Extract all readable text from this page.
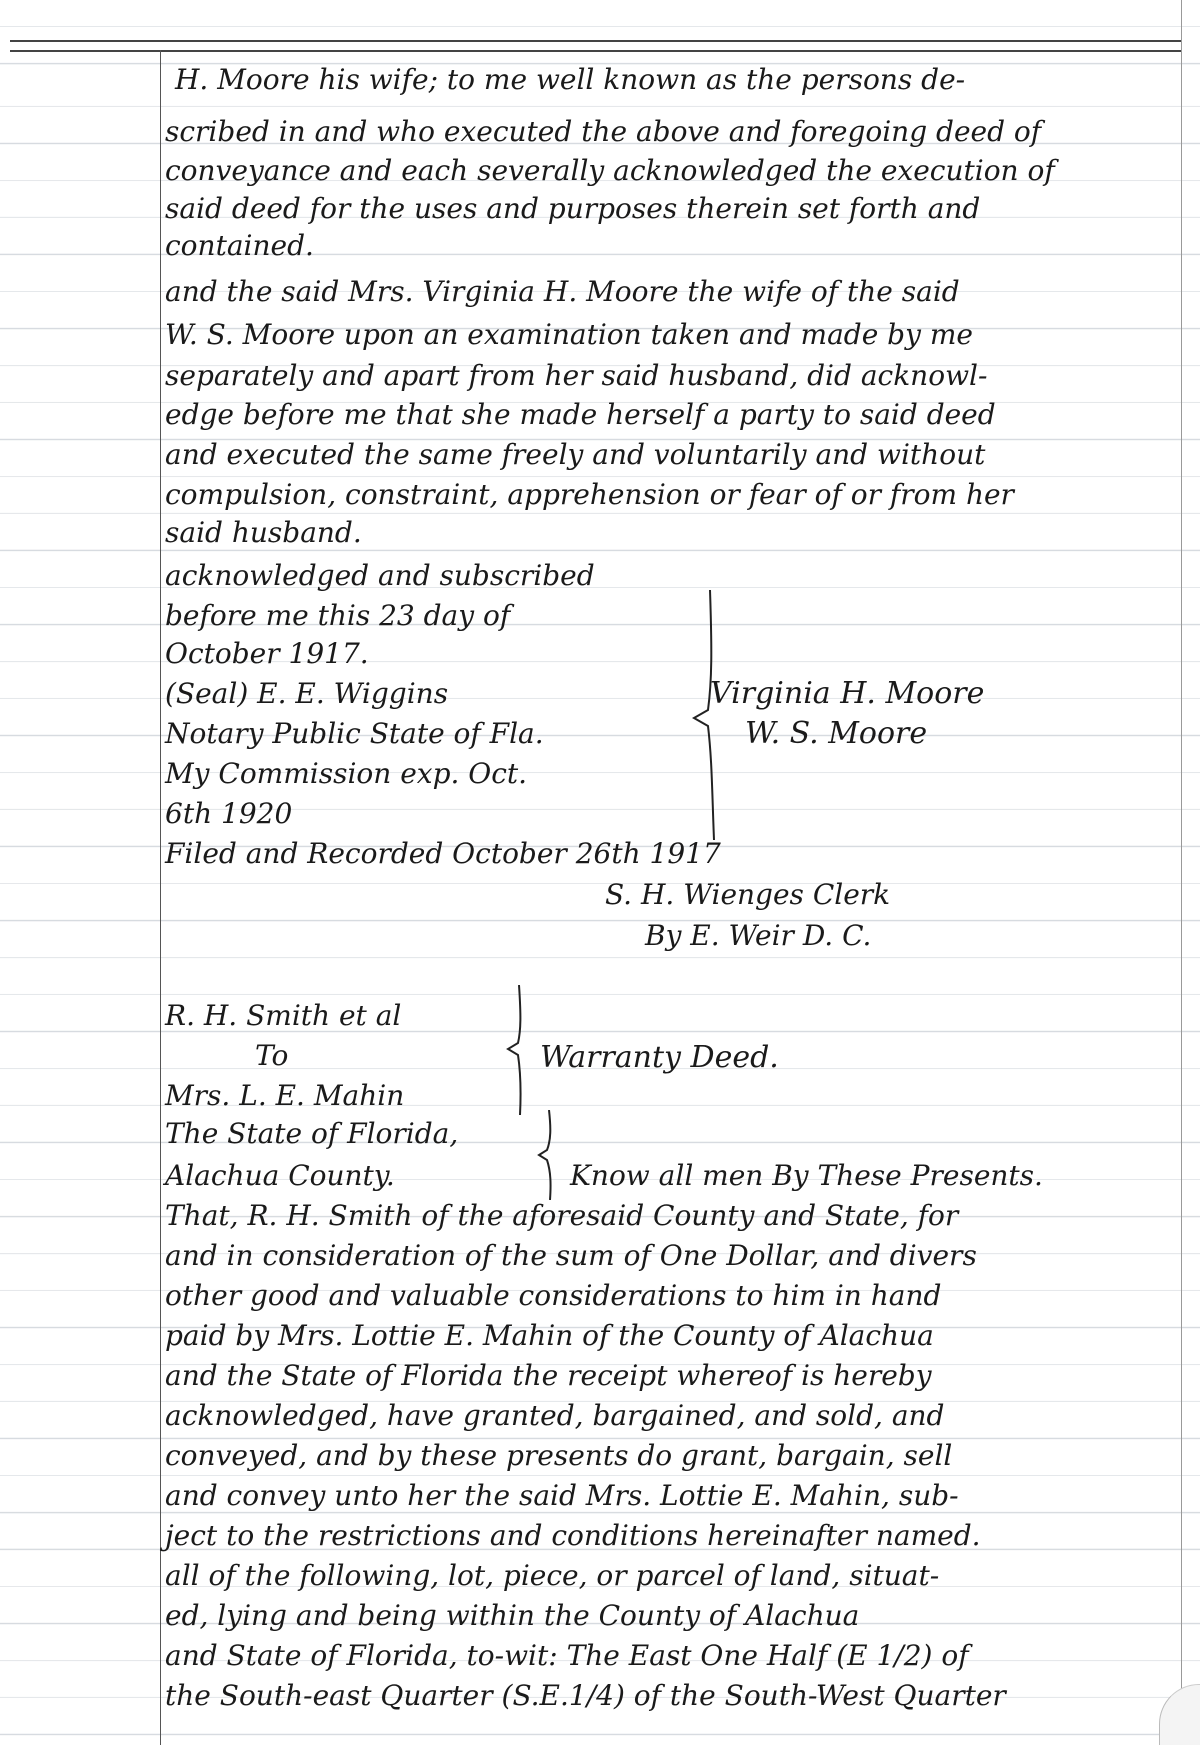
H. Moore his wife; to me well known as the persons de-
scribed in and who executed the above and foregoing deed of
conveyance and each severally acknowledged the execution of
said deed for the uses and purposes therein set forth and
contained.
and the said Mrs. Virginia H. Moore the wife of the said
W. S. Moore upon an examination taken and made by me
separately and apart from her said husband, did acknowl-
edge before me that she made herself a party to said deed
and executed the same freely and voluntarily and without
compulsion, constraint, apprehension or fear of or from her
said husband.
acknowledged and subscribed
before me this 23 day of
October 1917.
(Seal) E. E. Wiggins
Notary Public State of Fla.
My Commission exp. Oct.
6th 1920
Virginia H. Moore
W. S. Moore
Filed and Recorded October 26th 1917
S. H. Wienges Clerk
By E. Weir D. C.
R. H. Smith et al
To
Mrs. L. E. Mahin
Warranty Deed.
The State of Florida,
Alachua County.	Know all men By These Presents.
That, R. H. Smith of the aforesaid County and State, for
and in consideration of the sum of One Dollar, and divers
other good and valuable considerations to him in hand
paid by Mrs. Lottie E. Mahin of the County of Alachua
and the State of Florida the receipt whereof is hereby
acknowledged, have granted, bargained, and sold, and
conveyed, and by these presents do grant, bargain, sell
and convey unto her the said Mrs. Lottie E. Mahin, sub-
ject to the restrictions and conditions hereinafter named.
all of the following, lot, piece, or parcel of land, situat-
ed, lying and being within the County of Alachua
and State of Florida, to-wit: The East One Half (E 1/2) of
the South-east Quarter (S.E.1/4) of the South-West Quarter
